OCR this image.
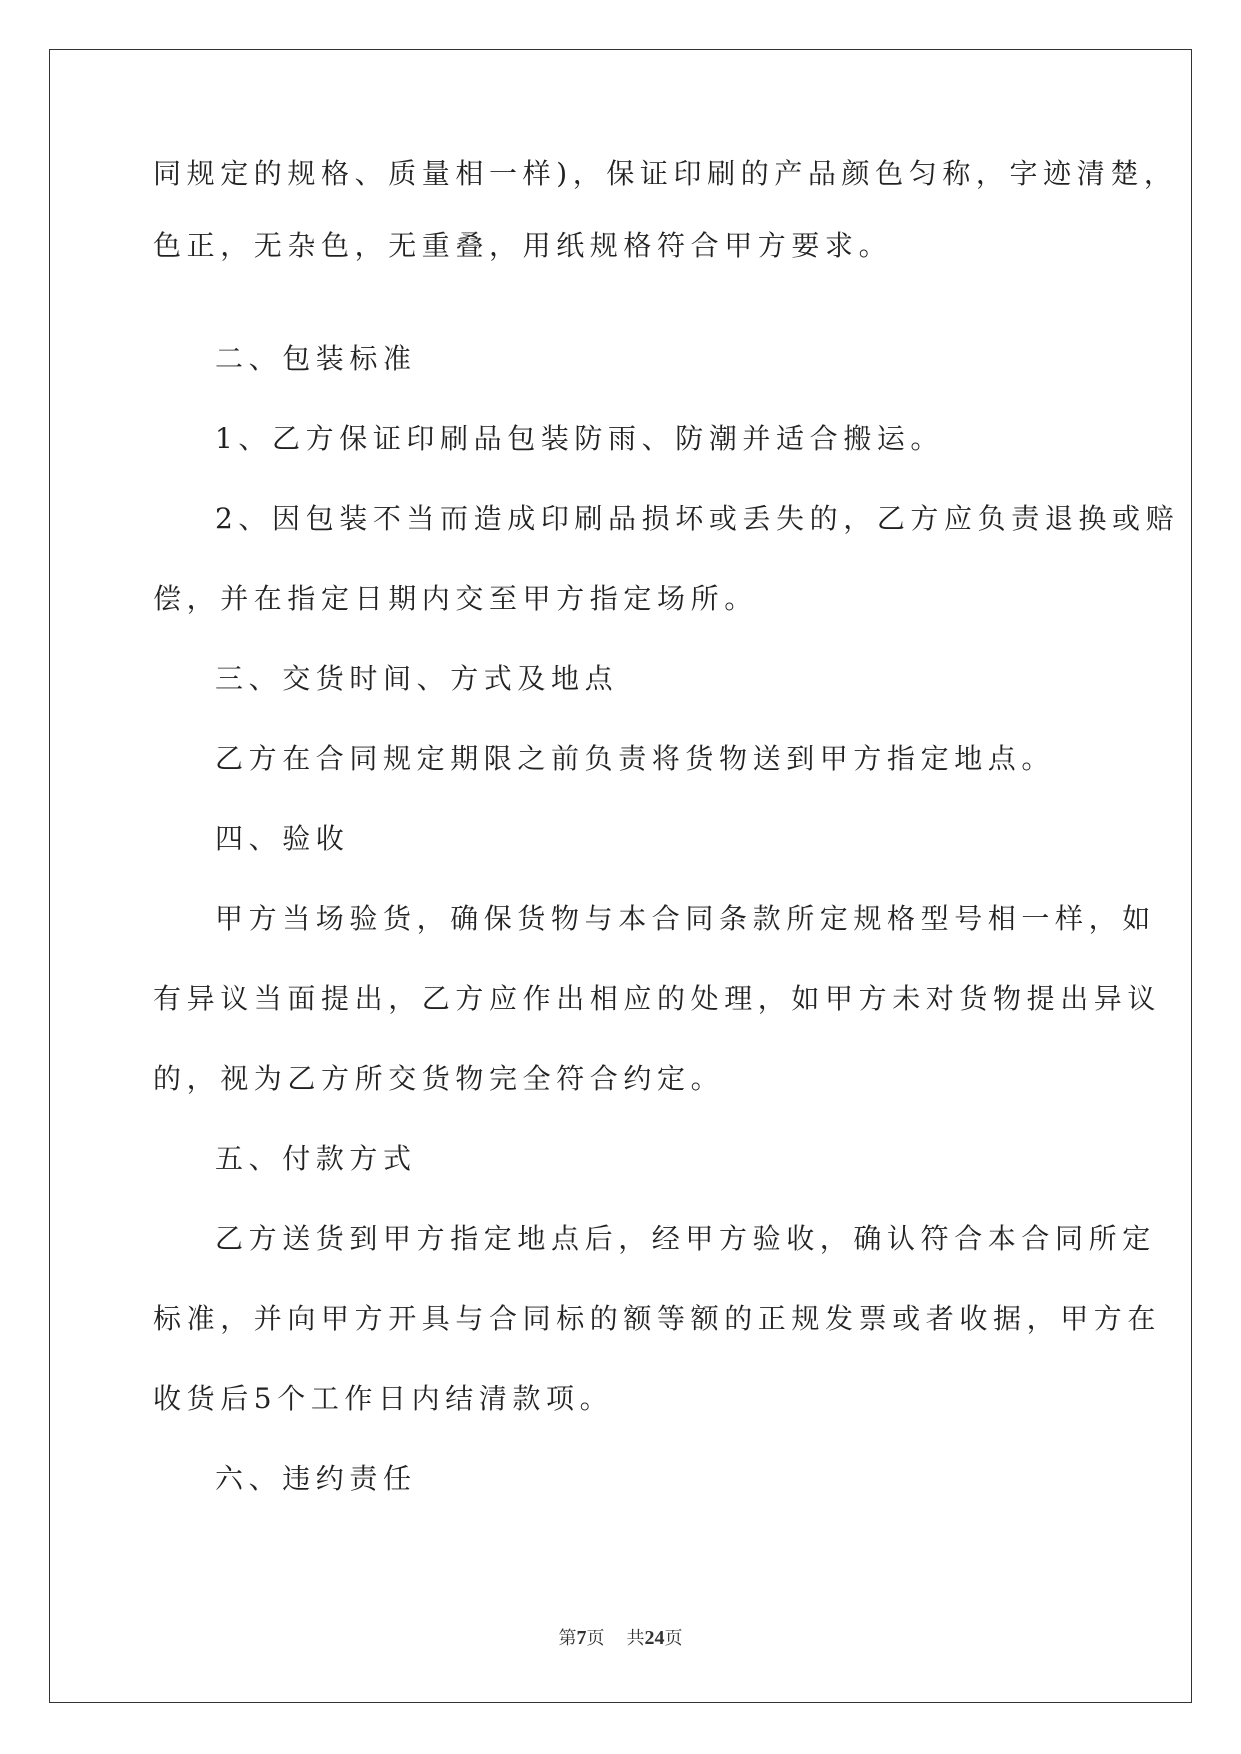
同规定的规格、质量相一样)，保证印刷的产品颜色匀称，字迹清楚，

色正，无杂色，无重叠，用纸规格符合甲方要求。

二、包装标准

1、乙方保证印刷品包装防雨、防潮并适合搬运。

2、因包装不当而造成印刷品损坏或丢失的，乙方应负责退换或赔

偿，并在指定日期内交至甲方指定场所。

三、交货时间、方式及地点

乙方在合同规定期限之前负责将货物送到甲方指定地点。

四、验收

甲方当场验货，确保货物与本合同条款所定规格型号相一样，如

有异议当面提出，乙方应作出相应的处理，如甲方未对货物提出异议

的，视为乙方所交货物完全符合约定。

五、付款方式

乙方送货到甲方指定地点后，经甲方验收，确认符合本合同所定

标准，并向甲方开具与合同标的额等额的正规发票或者收据，甲方在

收货后5个工作日内结清款项。

六、违约责任

第7页 共24页
